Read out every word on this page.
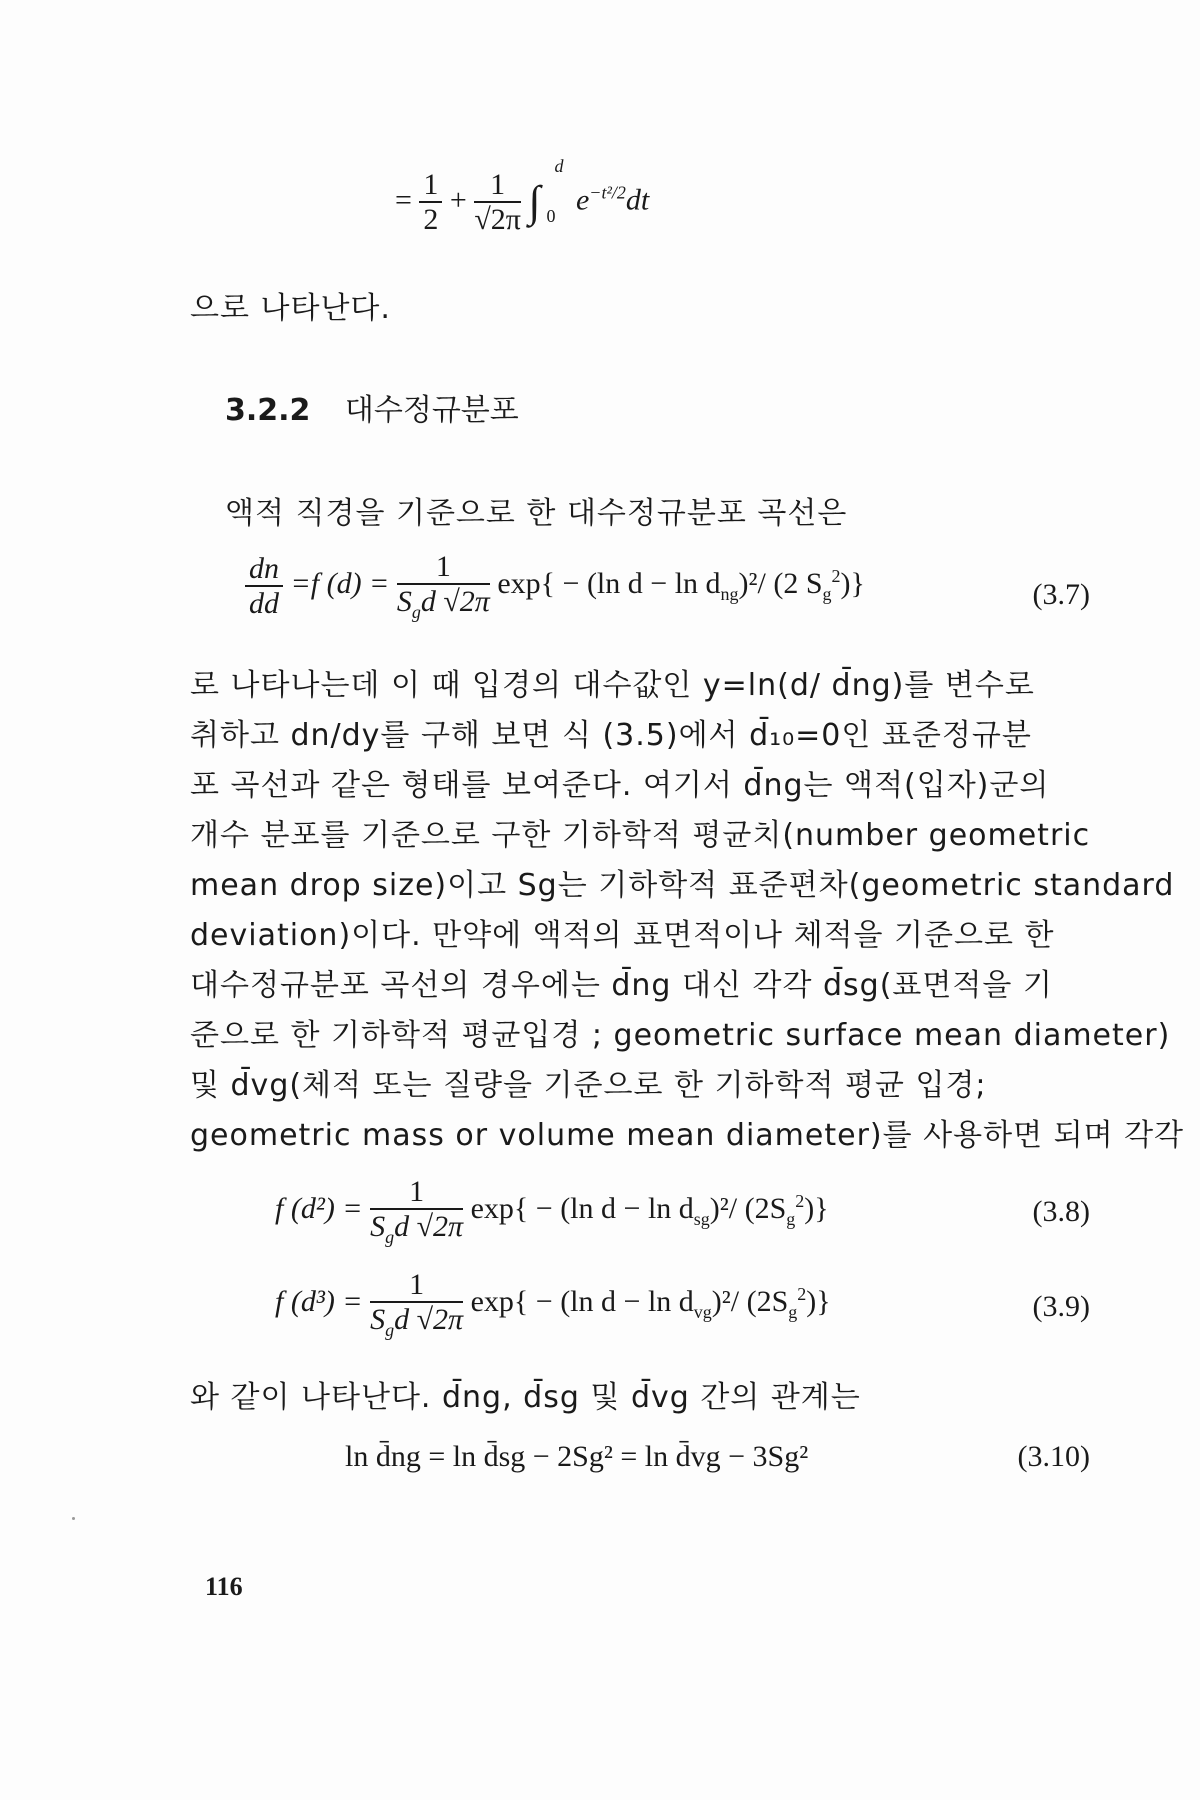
= $\frac{1}{2} + \frac{1}{√2\pi}$ ∫
d
0 $e^{-t^2/2}dt$
으로 나타난다.
3.2.2 대수정규분포
액적 직경을 기준으로 한 대수정규분포 곡선은
$\frac{dn}{dd} =f$ $(d) = \frac{1}{S_gd √2\pi} \exp\{ - (\ln$ $d - \ln d_{ng})^2/$ (2 $S_g^2$)}	(3.7)
로 나타나는데 이 때 입경의 대수값인 y=ln(d/ d̄ng)를 변수로
취하고 dn/dy를 구해 보면 식 (3.5)에서 d̄₁₀=0인 표준정규분
포 곡선과 같은 형태를 보여준다. 여기서 d̄ng는 액적(입자)군의
개수 분포를 기준으로 구한 기하학적 평균치(number geometric
mean drop size)이고 Sg는 기하학적 표준편차(geometric standard
deviation)이다. 만약에 액적의 표면적이나 체적을 기준으로 한
대수정규분포 곡선의 경우에는 d̄ng 대신 각각 d̄sg(표면적을 기
준으로 한 기하학적 평균입경 ; geometric surface mean diameter)
및 d̄vg(체적 또는 질량을 기준으로 한 기하학적 평균 입경;
geometric mass or volume mean diameter)를 사용하면 되며 각각
f $(d^2) = \frac{1}{S_gd √2\pi} \exp\{ - (\ln$ $d - \ln d_{sg})^2/$ $(2S_g^2)$}	(3.8)
f $(d^3) = \frac{1}{S_gd √2\pi} \exp\{ - (\ln$ $d - \ln d_{vg})^2/$ $(2S_g^2)$}	(3.9)
와 같이 나타난다. d̄ng, d̄sg 및 d̄vg 간의 관계는
ln d̄ng = ln d̄sg − 2Sg² = ln d̄vg − 3Sg²	(3.10)
116
